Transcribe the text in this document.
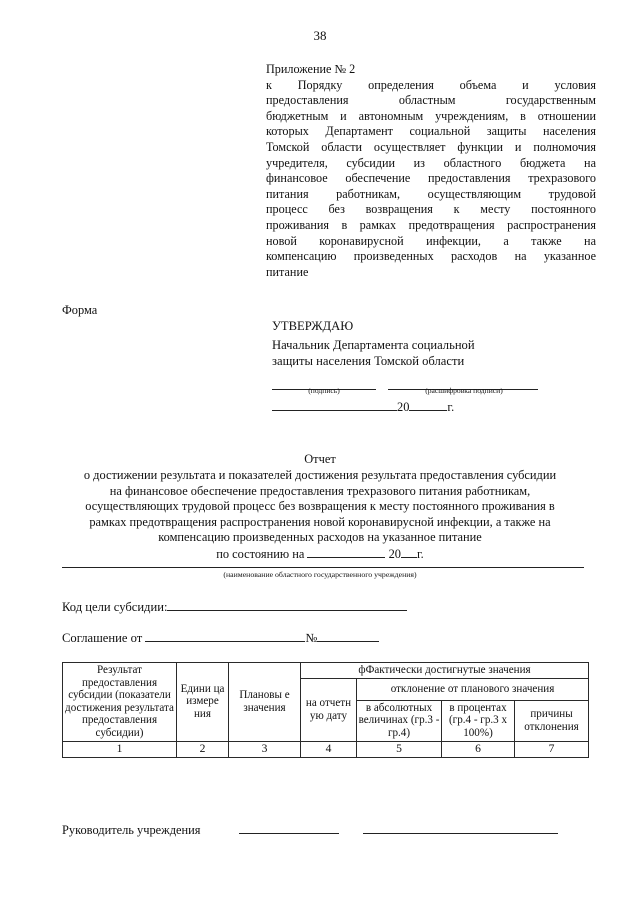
38
Приложение № 2
к Порядку определения объема и условия
предоставления областным государственным
бюджетным и автономным учреждениям, в отношении
которых Департамент социальной защиты населения
Томской области осуществляет функции и полномочия
учредителя, субсидии из областного бюджета на
финансовое обеспечение предоставления трехразового
питания работникам, осуществляющим трудовой
процесс без возвращения к месту постоянного
проживания в рамках предотвращения распространения
новой коронавирусной инфекции, а также на
компенсацию произведенных расходов на указанное
питание
Форма
УТВЕРЖДАЮ
Начальник Департамента социальной
защиты населения Томской области
(подпись)	(расшифровка подписи)
20	г.
Отчет
о достижении результата и показателей достижения результата предоставления субсидии
на финансовое обеспечение предоставления трехразового питания работникам,
осуществляющих трудовой процесс без возвращения к месту постоянного проживания в
рамках предотвращения распространения новой коронавирусной инфекции, а также на
компенсацию произведенных расходов на указанное питание
по состоянию на	20 г.
(наименование областного государственного учреждения)
Код цели субсидии:
Соглашение от	№
Результат предоставления субсидии (показатели достижения результата предоставления субсидии)	Едини ца измере ния	Плановы е значения	фФактически достигнутые значения			
			на отчетн ую дату	отклонение от планового значения		
				в абсолютных величинах (гр.3 - гр.4)	в процентах (гр.4 - гр.3 х 100%)	причины отклонения
1	2	3	4	5	6	7
Руководитель учреждения
